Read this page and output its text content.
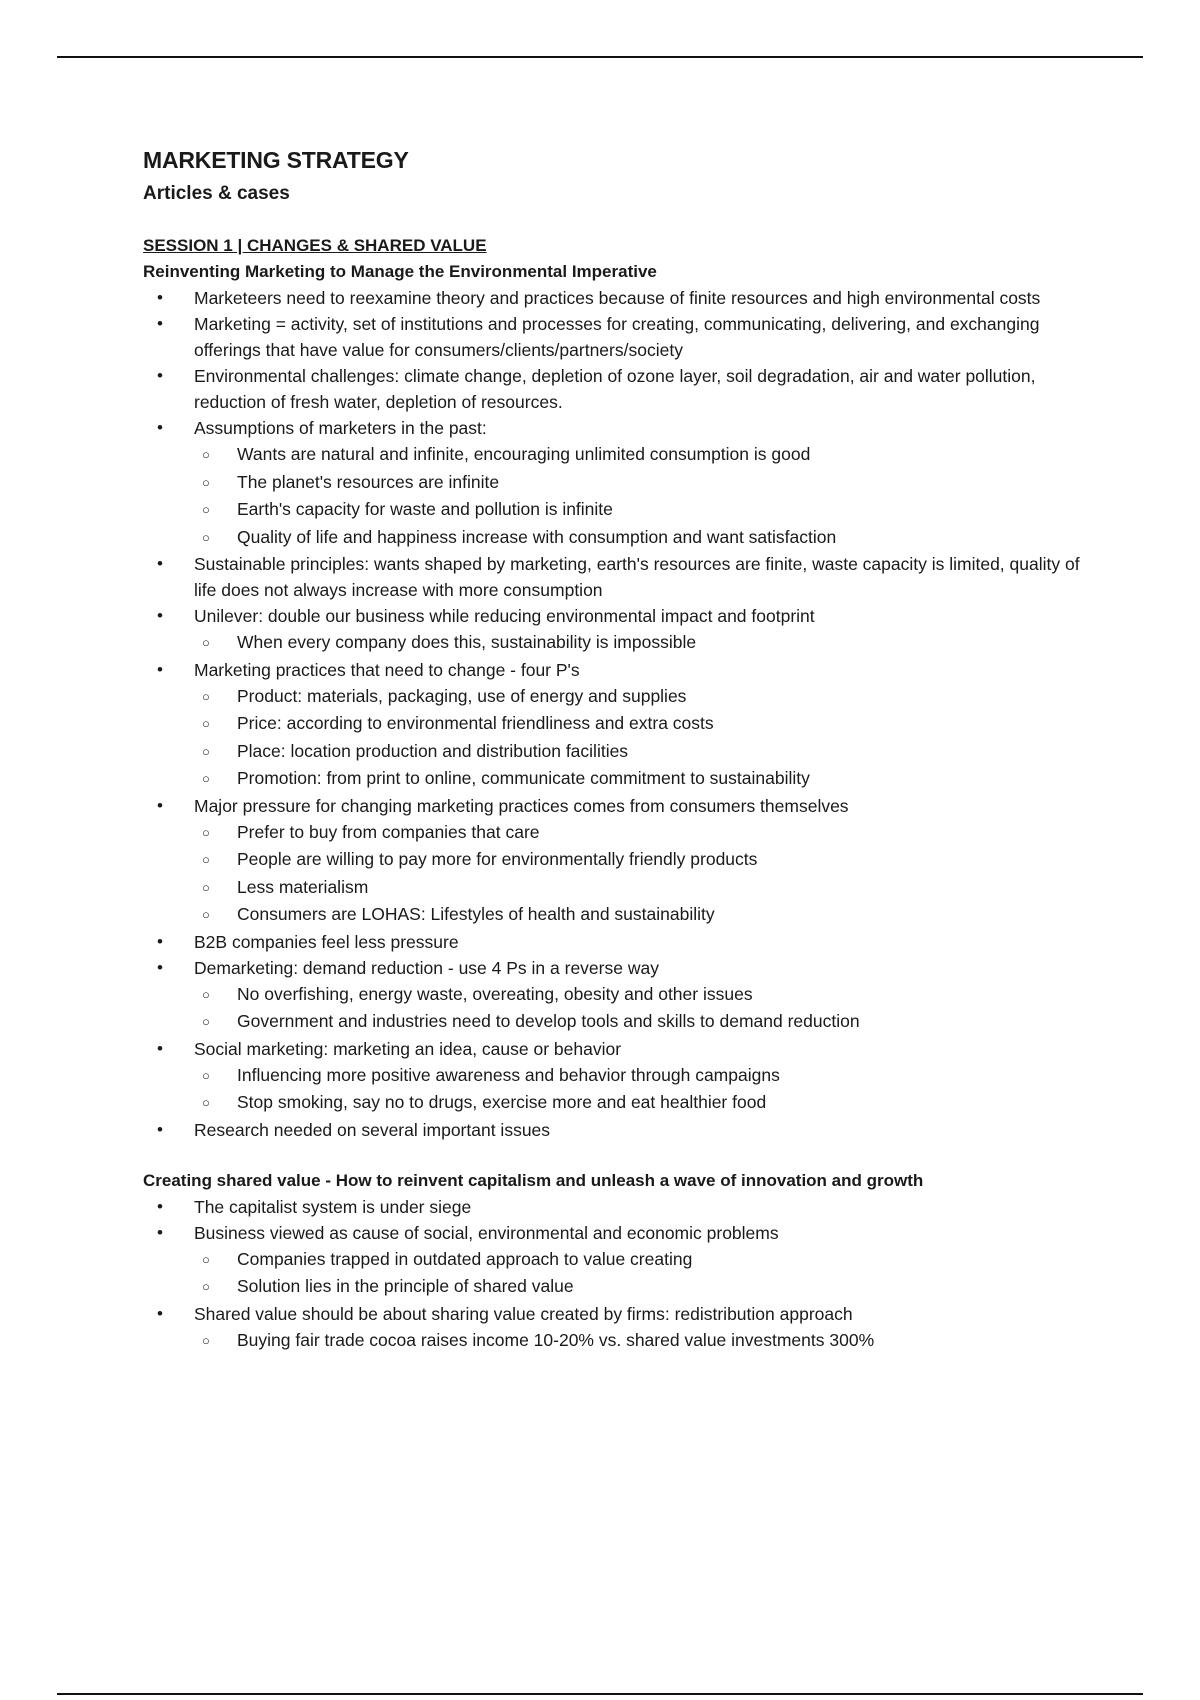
MARKETING STRATEGY
Articles & cases
SESSION 1 | CHANGES & SHARED VALUE
Reinventing Marketing to Manage the Environmental Imperative
• Marketeers need to reexamine theory and practices because of finite resources and high environmental costs
• Marketing = activity, set of institutions and processes for creating, communicating, delivering, and exchanging offerings that have value for consumers/clients/partners/society
• Environmental challenges: climate change, depletion of ozone layer, soil degradation, air and water pollution, reduction of fresh water, depletion of resources.
• Assumptions of marketers in the past:
○ Wants are natural and infinite, encouraging unlimited consumption is good
○ The planet's resources are infinite
○ Earth's capacity for waste and pollution is infinite
○ Quality of life and happiness increase with consumption and want satisfaction
• Sustainable principles: wants shaped by marketing, earth's resources are finite, waste capacity is limited, quality of life does not always increase with more consumption
• Unilever: double our business while reducing environmental impact and footprint
○ When every company does this, sustainability is impossible
• Marketing practices that need to change - four P's
○ Product: materials, packaging, use of energy and supplies
○ Price: according to environmental friendliness and extra costs
○ Place: location production and distribution facilities
○ Promotion: from print to online, communicate commitment to sustainability
• Major pressure for changing marketing practices comes from consumers themselves
○ Prefer to buy from companies that care
○ People are willing to pay more for environmentally friendly products
○ Less materialism
○ Consumers are LOHAS: Lifestyles of health and sustainability
• B2B companies feel less pressure
• Demarketing: demand reduction - use 4 Ps in a reverse way
○ No overfishing, energy waste, overeating, obesity and other issues
○ Government and industries need to develop tools and skills to demand reduction
• Social marketing: marketing an idea, cause or behavior
○ Influencing more positive awareness and behavior through campaigns
○ Stop smoking, say no to drugs, exercise more and eat healthier food
• Research needed on several important issues
Creating shared value - How to reinvent capitalism and unleash a wave of innovation and growth
• The capitalist system is under siege
• Business viewed as cause of social, environmental and economic problems
○ Companies trapped in outdated approach to value creating
○ Solution lies in the principle of shared value
• Shared value should be about sharing value created by firms: redistribution approach
○ Buying fair trade cocoa raises income 10-20% vs. shared value investments 300%
